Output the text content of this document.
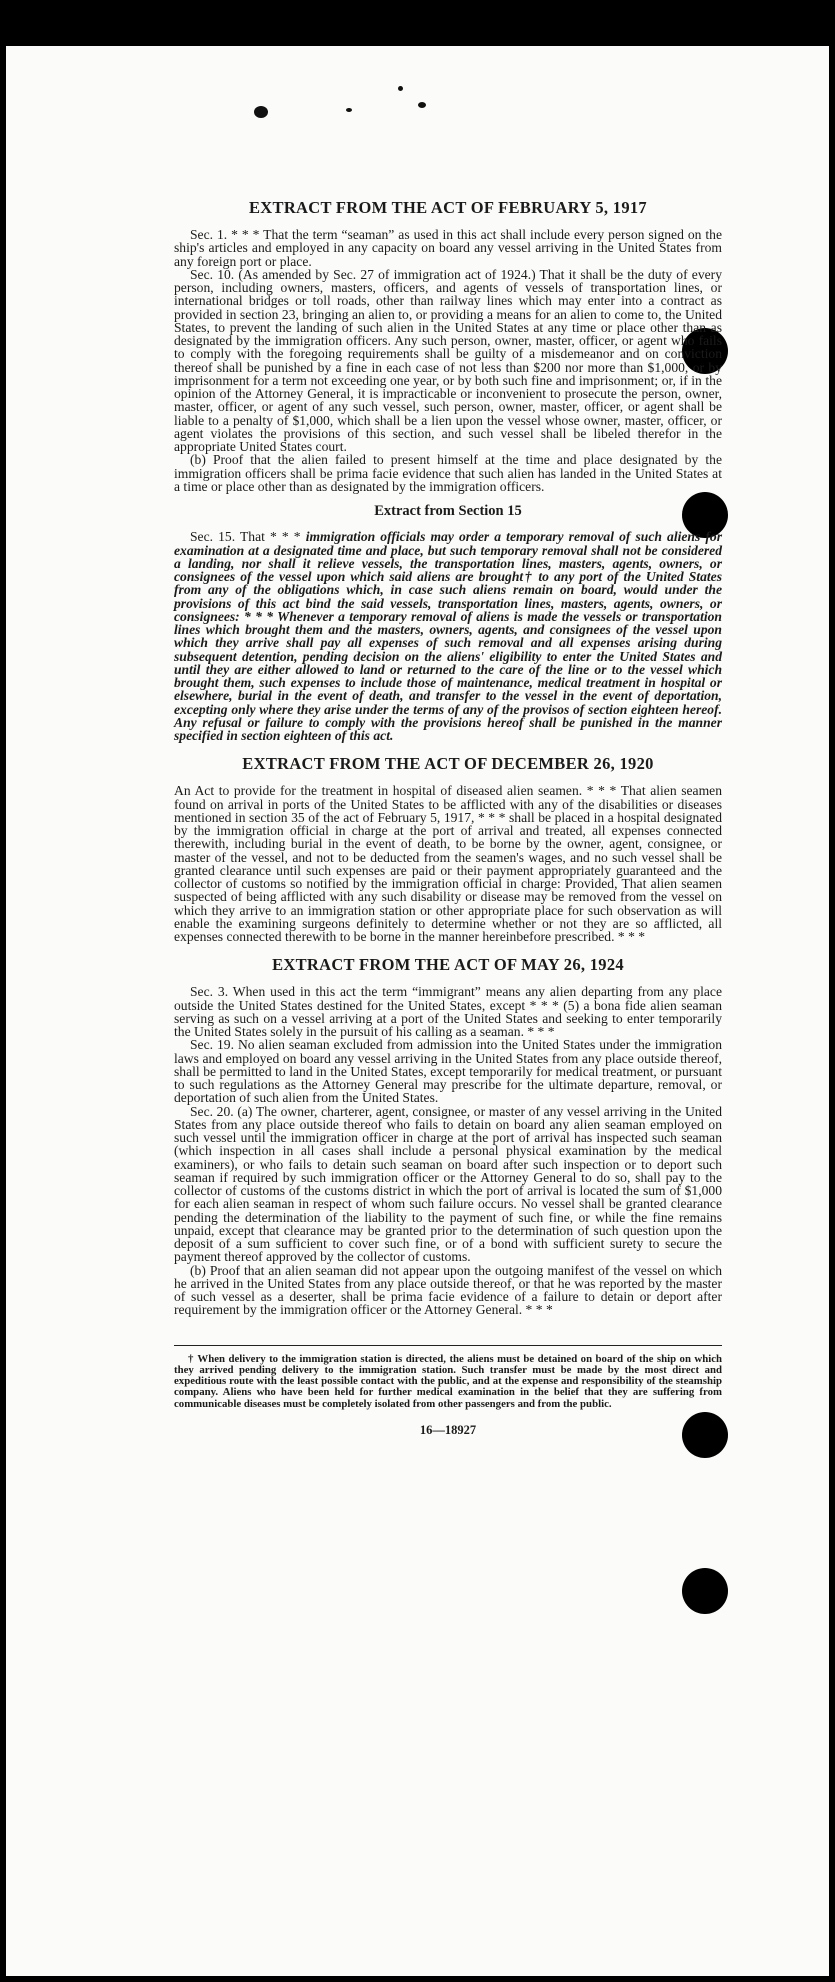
EXTRACT FROM THE ACT OF FEBRUARY 5, 1917

Sec. 1. * * * That the term “seaman” as used in this act shall include every person signed on the ship's articles and employed in any capacity on board any vessel arriving in the United States from any foreign port or place.

Sec. 10. (As amended by Sec. 27 of immigration act of 1924.) That it shall be the duty of every person, including owners, masters, officers, and agents of vessels of transportation lines, or international bridges or toll roads, other than railway lines which may enter into a contract as provided in section 23, bringing an alien to, or providing a means for an alien to come to, the United States, to prevent the landing of such alien in the United States at any time or place other than as designated by the immigration officers. Any such person, owner, master, officer, or agent who fails to comply with the foregoing requirements shall be guilty of a misdemeanor and on conviction thereof shall be punished by a fine in each case of not less than $200 nor more than $1,000, or by imprisonment for a term not exceeding one year, or by both such fine and imprisonment; or, if in the opinion of the Attorney General, it is impracticable or inconvenient to prosecute the person, owner, master, officer, or agent of any such vessel, such person, owner, master, officer, or agent shall be liable to a penalty of $1,000, which shall be a lien upon the vessel whose owner, master, officer, or agent violates the provisions of this section, and such vessel shall be libeled therefor in the appropriate United States court.

(b) Proof that the alien failed to present himself at the time and place designated by the immigration officers shall be prima facie evidence that such alien has landed in the United States at a time or place other than as designated by the immigration officers.

Extract from Section 15

Sec. 15. That * * * immigration officials may order a temporary removal of such aliens for examination at a designated time and place, but such temporary removal shall not be considered a landing, nor shall it relieve vessels, the transportation lines, masters, agents, owners, or consignees of the vessel upon which said aliens are brought† to any port of the United States from any of the obligations which, in case such aliens remain on board, would under the provisions of this act bind the said vessels, transportation lines, masters, agents, owners, or consignees: * * * Whenever a temporary removal of aliens is made the vessels or transportation lines which brought them and the masters, owners, agents, and consignees of the vessel upon which they arrive shall pay all expenses of such removal and all expenses arising during subsequent detention, pending decision on the aliens' eligibility to enter the United States and until they are either allowed to land or returned to the care of the line or to the vessel which brought them, such expenses to include those of maintenance, medical treatment in hospital or elsewhere, burial in the event of death, and transfer to the vessel in the event of deportation, excepting only where they arise under the terms of any of the provisos of section eighteen hereof. Any refusal or failure to comply with the provisions hereof shall be punished in the manner specified in section eighteen of this act.

EXTRACT FROM THE ACT OF DECEMBER 26, 1920

An Act to provide for the treatment in hospital of diseased alien seamen. * * * That alien seamen found on arrival in ports of the United States to be afflicted with any of the disabilities or diseases mentioned in section 35 of the act of February 5, 1917, * * * shall be placed in a hospital designated by the immigration official in charge at the port of arrival and treated, all expenses connected therewith, including burial in the event of death, to be borne by the owner, agent, consignee, or master of the vessel, and not to be deducted from the seamen's wages, and no such vessel shall be granted clearance until such expenses are paid or their payment appropriately guaranteed and the collector of customs so notified by the immigration official in charge: Provided, That alien seamen suspected of being afflicted with any such disability or disease may be removed from the vessel on which they arrive to an immigration station or other appropriate place for such observation as will enable the examining surgeons definitely to determine whether or not they are so afflicted, all expenses connected therewith to be borne in the manner hereinbefore prescribed. * * *

EXTRACT FROM THE ACT OF MAY 26, 1924

Sec. 3. When used in this act the term “immigrant” means any alien departing from any place outside the United States destined for the United States, except * * * (5) a bona fide alien seaman serving as such on a vessel arriving at a port of the United States and seeking to enter temporarily the United States solely in the pursuit of his calling as a seaman. * * *

Sec. 19. No alien seaman excluded from admission into the United States under the immigration laws and employed on board any vessel arriving in the United States from any place outside thereof, shall be permitted to land in the United States, except temporarily for medical treatment, or pursuant to such regulations as the Attorney General may prescribe for the ultimate departure, removal, or deportation of such alien from the United States.

Sec. 20. (a) The owner, charterer, agent, consignee, or master of any vessel arriving in the United States from any place outside thereof who fails to detain on board any alien seaman employed on such vessel until the immigration officer in charge at the port of arrival has inspected such seaman (which inspection in all cases shall include a personal physical examination by the medical examiners), or who fails to detain such seaman on board after such inspection or to deport such seaman if required by such immigration officer or the Attorney General to do so, shall pay to the collector of customs of the customs district in which the port of arrival is located the sum of $1,000 for each alien seaman in respect of whom such failure occurs. No vessel shall be granted clearance pending the determination of the liability to the payment of such fine, or while the fine remains unpaid, except that clearance may be granted prior to the determination of such question upon the deposit of a sum sufficient to cover such fine, or of a bond with sufficient surety to secure the payment thereof approved by the collector of customs.

(b) Proof that an alien seaman did not appear upon the outgoing manifest of the vessel on which he arrived in the United States from any place outside thereof, or that he was reported by the master of such vessel as a deserter, shall be prima facie evidence of a failure to detain or deport after requirement by the immigration officer or the Attorney General. * * *

† When delivery to the immigration station is directed, the aliens must be detained on board of the ship on which they arrived pending delivery to the immigration station. Such transfer must be made by the most direct and expeditious route with the least possible contact with the public, and at the expense and responsibility of the steamship company. Aliens who have been held for further medical examination in the belief that they are suffering from communicable diseases must be completely isolated from other passengers and from the public.

16—18927
